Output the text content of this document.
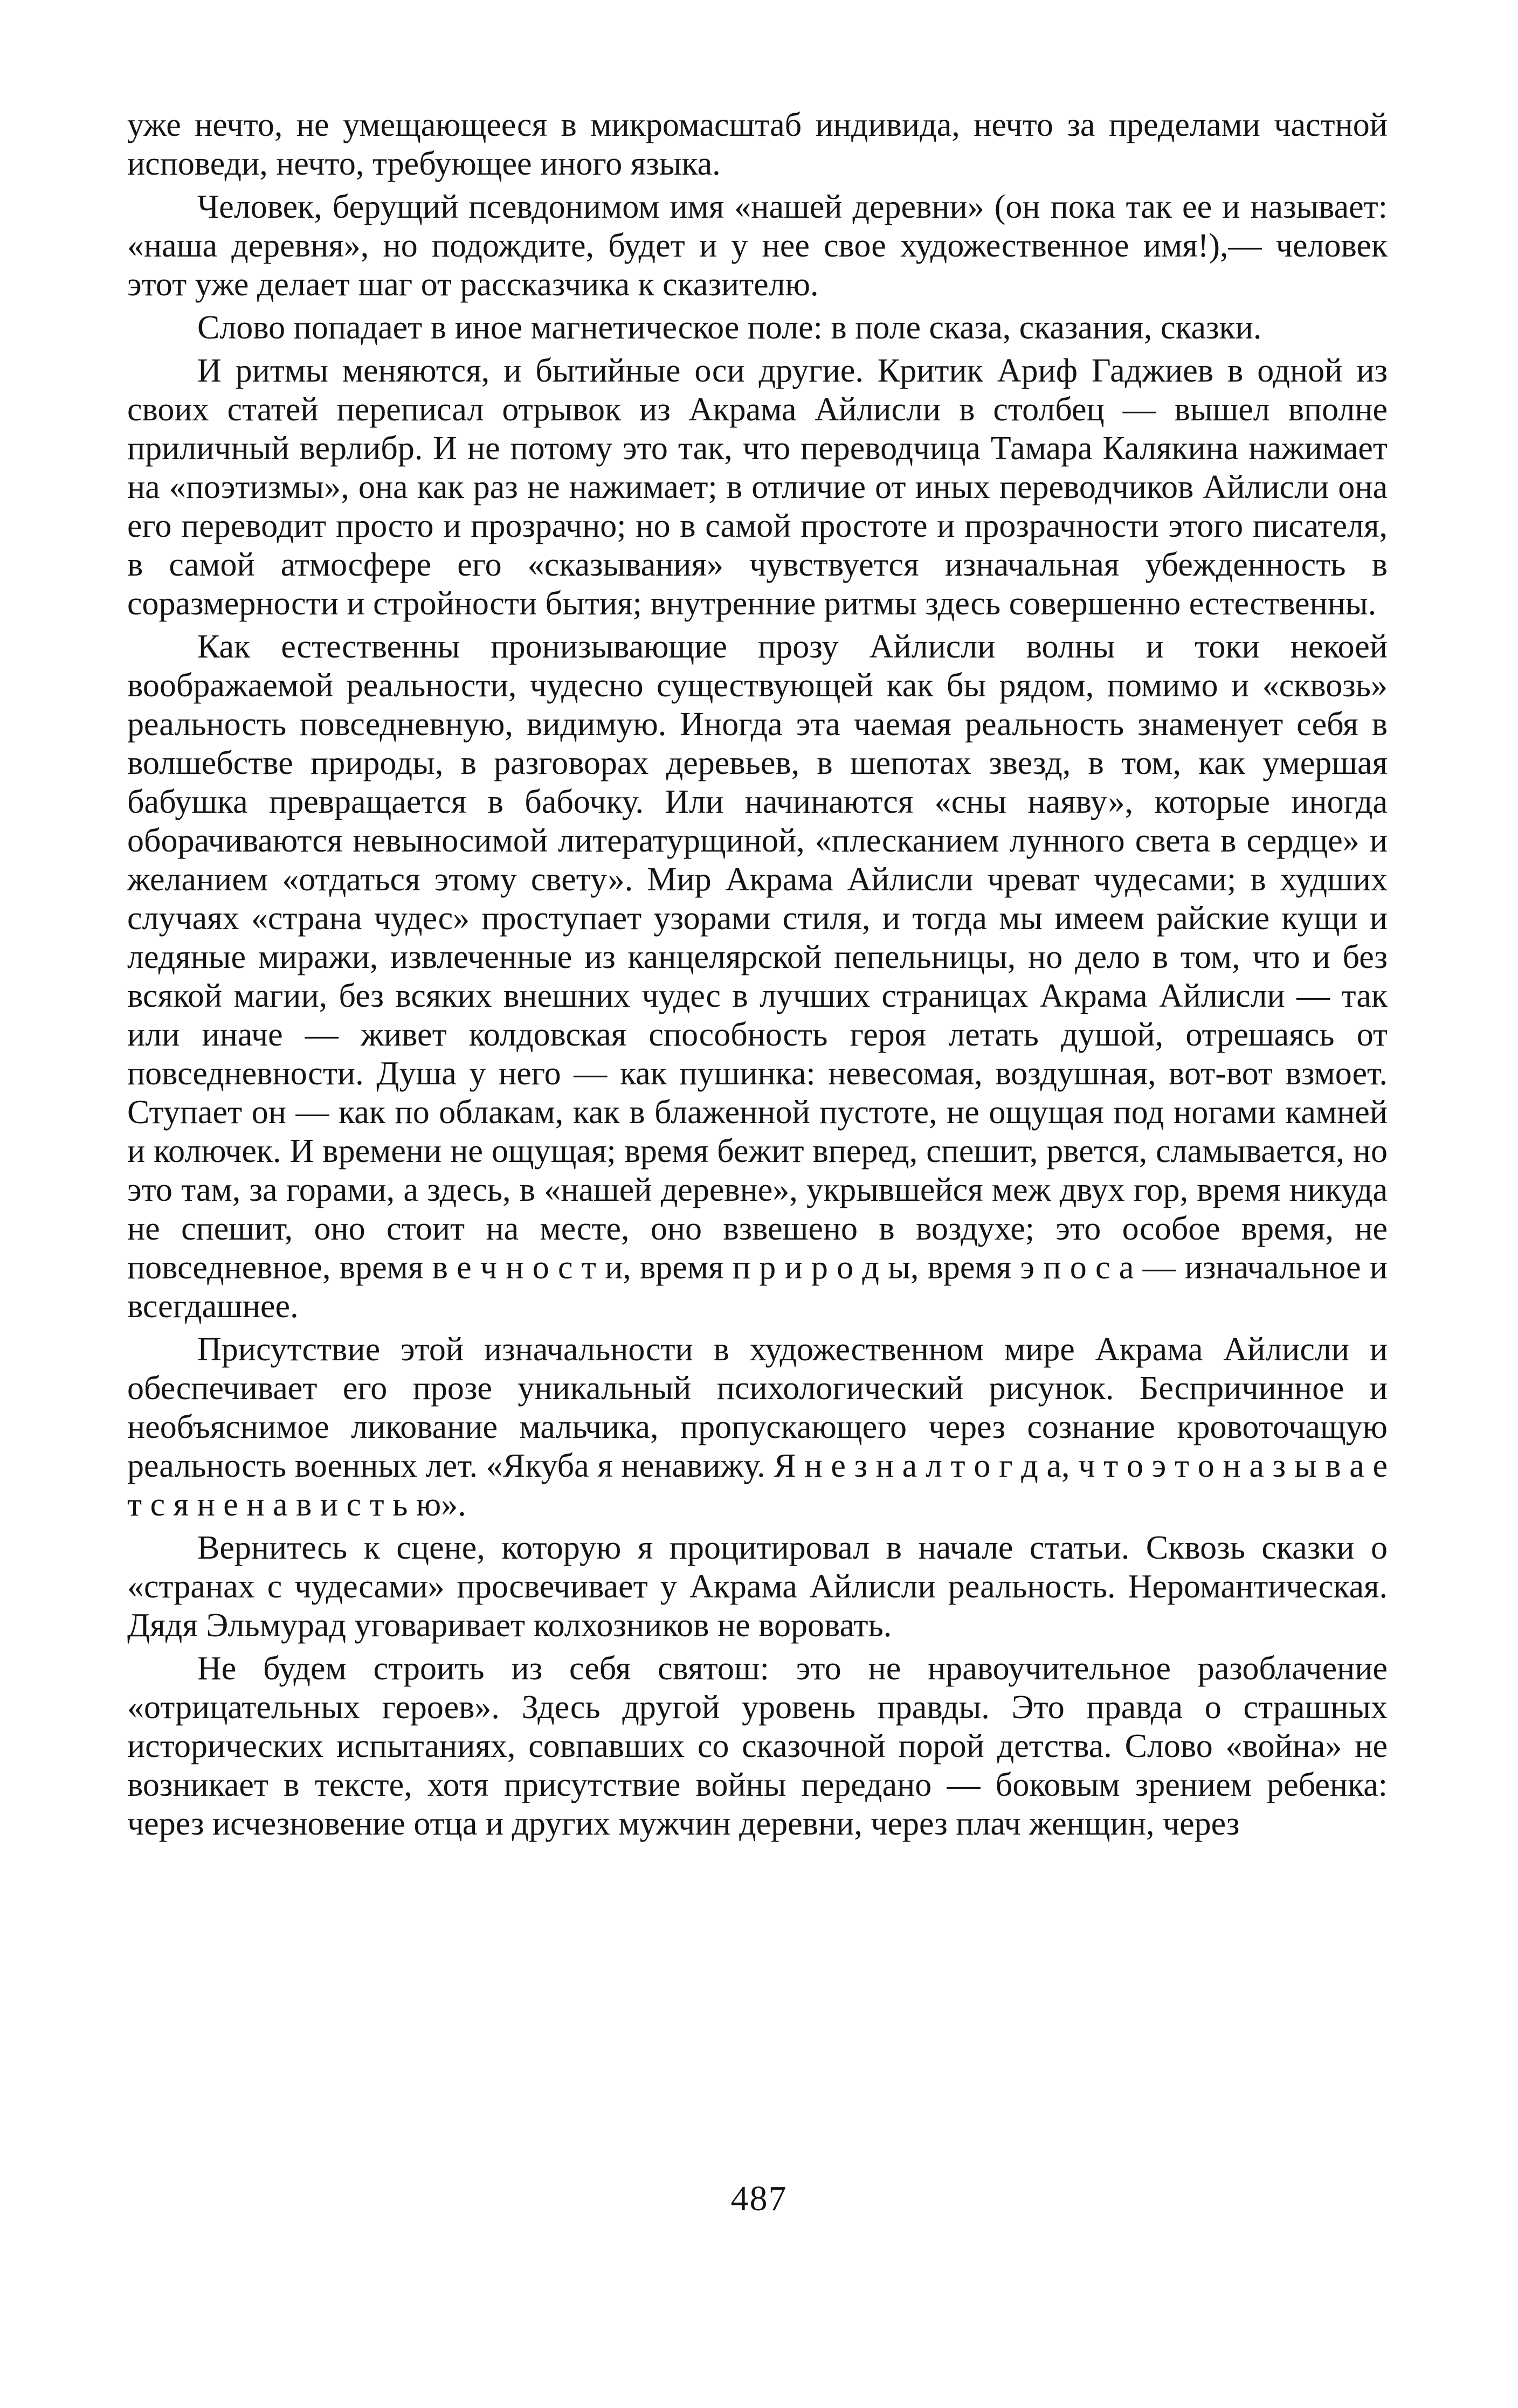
уже нечто, не умещающееся в микромасштаб индивида, нечто за пределами частной исповеди, нечто, требующее иного языка.

Человек, берущий псевдонимом имя «нашей деревни» (он пока так ее и называет: «наша деревня», но подождите, будет и у нее свое художественное имя!),— человек этот уже делает шаг от рассказчика к сказителю.

Слово попадает в иное магнетическое поле: в поле сказа, сказания, сказки.

И ритмы меняются, и бытийные оси другие. Критик Ариф Гаджиев в одной из своих статей переписал отрывок из Акрама Айлисли в столбец — вышел вполне приличный верлибр. И не потому это так, что переводчица Тамара Калякина нажимает на «поэтизмы», она как раз не нажимает; в отличие от иных переводчиков Айлисли она его переводит просто и прозрачно; но в самой простоте и прозрачности этого писателя, в самой атмосфере его «сказывания» чувствуется изначальная убежденность в соразмерности и стройности бытия; внутренние ритмы здесь совершенно естественны.

Как естественны пронизывающие прозу Айлисли волны и токи некоей воображаемой реальности, чудесно существующей как бы рядом, помимо и «сквозь» реальность повседневную, видимую. Иногда эта чаемая реальность знаменует себя в волшебстве природы, в разговорах деревьев, в шепотах звезд, в том, как умершая бабушка превращается в бабочку. Или начинаются «сны наяву», которые иногда оборачиваются невыносимой литературщиной, «плесканием лунного света в сердце» и желанием «отдаться этому свету». Мир Акрама Айлисли чреват чудесами; в худших случаях «страна чудес» проступает узорами стиля, и тогда мы имеем райские кущи и ледяные миражи, извлеченные из канцелярской пепельницы, но дело в том, что и без всякой магии, без всяких внешних чудес в лучших страницах Акрама Айлисли — так или иначе — живет колдовская способность героя летать душой, отрешаясь от повседневности. Душа у него — как пушинка: невесомая, воздушная, вот-вот взмоет. Ступает он — как по облакам, как в блаженной пустоте, не ощущая под ногами камней и колючек. И времени не ощущая; время бежит вперед, спешит, рвется, сламывается, но это там, за горами, а здесь, в «нашей деревне», укрывшейся меж двух гор, время никуда не спешит, оно стоит на месте, оно взвешено в воздухе; это особое время, не повседневное, время в е ч н о с т и, время п р и р о д ы, время э п о с а — изначальное и всегдашнее.

Присутствие этой изначальности в художественном мире Акрама Айлисли и обеспечивает его прозе уникальный психологический рисунок. Беспричинное и необъяснимое ликование мальчика, пропускающего через сознание кровоточащую реальность военных лет. «Якуба я ненавижу. Я н е з н а л т о г д а, ч т о э т о н а з ы в а е т с я н е н а в и с т ь ю».

Вернитесь к сцене, которую я процитировал в начале статьи. Сквозь сказки о «странах с чудесами» просвечивает у Акрама Айлисли реальность. Неромантическая. Дядя Эльмурад уговаривает колхозников не воровать.

Не будем строить из себя святош: это не нравоучительное разоблачение «отрицательных героев». Здесь другой уровень правды. Это правда о страшных исторических испытаниях, совпавших со сказочной порой детства. Слово «война» не возникает в тексте, хотя присутствие войны передано — боковым зрением ребенка: через исчезновение отца и других мужчин деревни, через плач женщин, через

487
